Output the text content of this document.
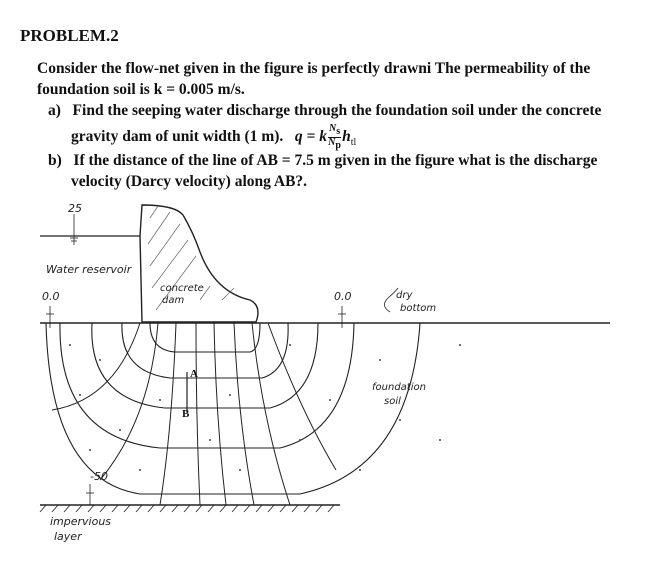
PROBLEM.2
Consider the flow-net given in the figure is perfectly drawni The permeability of the
foundation soil is k = 0.005 m/s.
a) Find the seeping water discharge through the foundation soil under the concrete
gravity dam of unit width (1 m). q = k $\frac{N_s}{N_p} h_{tl}$
b) If the distance of the line of AB = 7.5 m given in the figure what is the discharge
velocity (Darcy velocity) along AB?.
25
Water reservoir
concrete
dam
0.0	0.0	dry
bottom
foundation
soil
-50
impervious
layer
A
B
